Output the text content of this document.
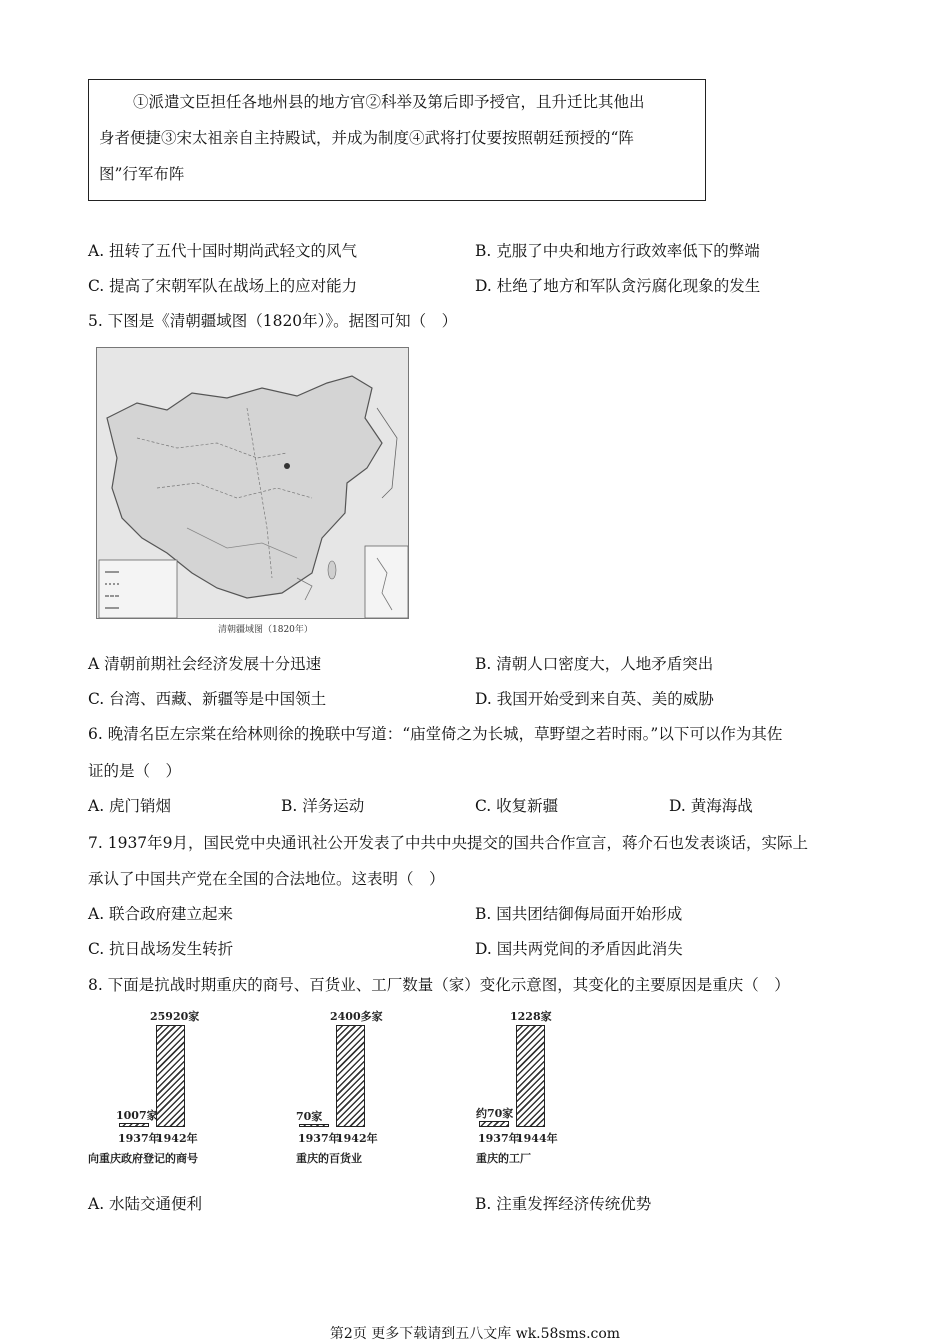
①派遣文臣担任各地州县的地方官②科举及第后即予授官，且升迁比其他出

身者便捷③宋太祖亲自主持殿试，并成为制度④武将打仗要按照朝廷预授的“阵

图”行军布阵

A. 扭转了五代十国时期尚武轻文的风气	B. 克服了中央和地方行政效率低下的弊端
C. 提高了宋朝军队在战场上的应对能力	D. 杜绝了地方和军队贪污腐化现象的发生
5. 下图是《清朝疆域图（1820年）》。据图可知（　）
清朝疆域图（1820年）
A 清朝前期社会经济发展十分迅速	B. 清朝人口密度大，人地矛盾突出
C. 台湾、西藏、新疆等是中国领土	D. 我国开始受到来自英、美的威胁
6. 晚清名臣左宗棠在给林则徐的挽联中写道：“庙堂倚之为长城，草野望之若时雨。”以下可以作为其佐
证的是（　）
A. 虎门销烟	B. 洋务运动	C. 收复新疆	D. 黄海海战
7. 1937年9月，国民党中央通讯社公开发表了中共中央提交的国共合作宣言，蒋介石也发表谈话，实际上
承认了中国共产党在全国的合法地位。这表明（　）
A. 联合政府建立起来	B. 国共团结御侮局面开始形成
C. 抗日战场发生转折	D. 国共两党间的矛盾因此消失
8. 下面是抗战时期重庆的商号、百货业、工厂数量（家）变化示意图，其变化的主要原因是重庆（　）
1007家
25920家
1937年
1942年
向重庆政府登记的商号
70家
2400多家
1937年
1942年
重庆的百货业
约70家
1228家
1937年
1944年
重庆的工厂
A. 水陆交通便利	B. 注重发挥经济传统优势
第2页 更多下载请到五八文库 wk.58sms.com
